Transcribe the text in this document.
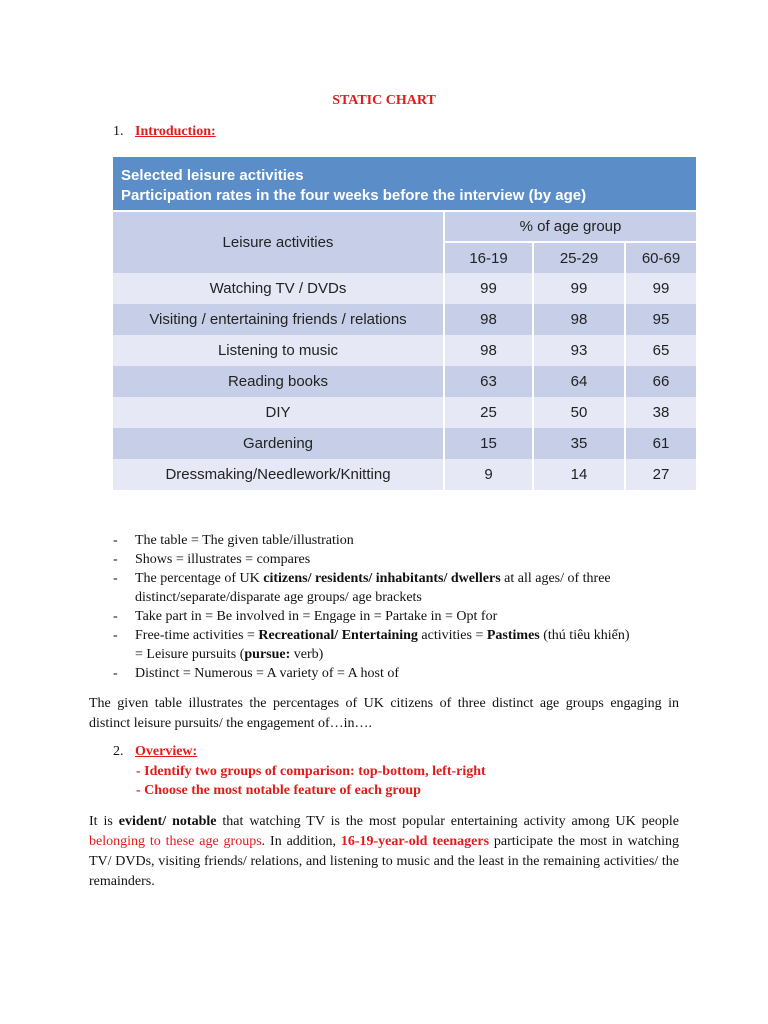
STATIC CHART
1. Introduction:
Selected leisure activities
Participation rates in the four weeks before the interview (by age)
Leisure activities
% of age group
16-19	25-29	60-69
Watching TV / DVDs	99	99	99
Visiting / entertaining friends / relations	98	98	95
Listening to music	98	93	65
Reading books	63	64	66
DIY	25	50	38
Gardening	15	35	61
Dressmaking/Needlework/Knitting	9	14	27
- The table = The given table/illustration
- Shows = illustrates = compares
- The percentage of UK citizens/ residents/ inhabitants/ dwellers at all ages/ of three distinct/separate/disparate age groups/ age brackets
- Take part in = Be involved in = Engage in = Partake in = Opt for
- Free-time activities = Recreational/ Entertaining activities = Pastimes (thú tiêu khiển)
= Leisure pursuits (pursue: verb)
- Distinct = Numerous = A variety of = A host of
The given table illustrates the percentages of UK citizens of three distinct age groups engaging in distinct leisure pursuits/ the engagement of…in….
2. Overview:
- Identify two groups of comparison: top-bottom, left-right
- Choose the most notable feature of each group
It is evident/ notable that watching TV is the most popular entertaining activity among UK people belonging to these age groups. In addition, 16-19-year-old teenagers participate the most in watching TV/ DVDs, visiting friends/ relations, and listening to music and the least in the remaining activities/ the remainders.
